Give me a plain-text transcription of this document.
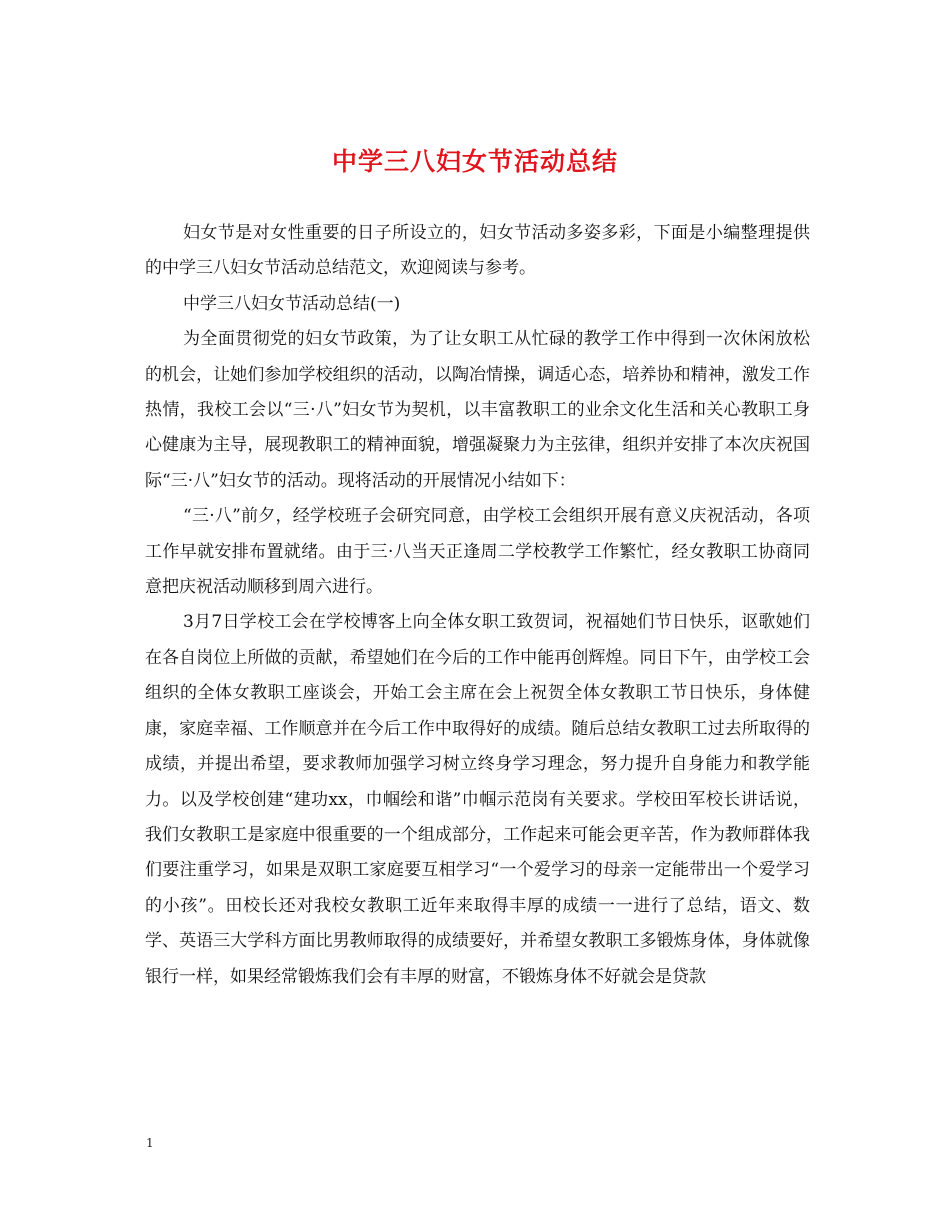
中学三八妇女节活动总结

妇女节是对女性重要的日子所设立的，妇女节活动多姿多彩，下面是小编整理提供的中学三八妇女节活动总结范文，欢迎阅读与参考。

中学三八妇女节活动总结(一)

为全面贯彻党的妇女节政策，为了让女职工从忙碌的教学工作中得到一次休闲放松的机会，让她们参加学校组织的活动，以陶冶情操，调适心态，培养协和精神，激发工作热情，我校工会以“三·八”妇女节为契机，以丰富教职工的业余文化生活和关心教职工身心健康为主导，展现教职工的精神面貌，增强凝聚力为主弦律，组织并安排了本次庆祝国际“三·八”妇女节的活动。现将活动的开展情况小结如下：

“三·八”前夕，经学校班子会研究同意，由学校工会组织开展有意义庆祝活动，各项工作早就安排布置就绪。由于三·八当天正逢周二学校教学工作繁忙，经女教职工协商同意把庆祝活动顺移到周六进行。

3月7日学校工会在学校博客上向全体女职工致贺词，祝福她们节日快乐，讴歌她们在各自岗位上所做的贡献，希望她们在今后的工作中能再创辉煌。同日下午，由学校工会组织的全体女教职工座谈会，开始工会主席在会上祝贺全体女教职工节日快乐，身体健康，家庭幸福、工作顺意并在今后工作中取得好的成绩。随后总结女教职工过去所取得的成绩，并提出希望，要求教师加强学习树立终身学习理念，努力提升自身能力和教学能力。以及学校创建“建功xx，巾帼绘和谐”巾帼示范岗有关要求。学校田军校长讲话说，我们女教职工是家庭中很重要的一个组成部分，工作起来可能会更辛苦，作为教师群体我们要注重学习，如果是双职工家庭要互相学习“一个爱学习的母亲一定能带出一个爱学习的小孩”。田校长还对我校女教职工近年来取得丰厚的成绩一一进行了总结，语文、数学、英语三大学科方面比男教师取得的成绩要好，并希望女教职工多锻炼身体，身体就像银行一样，如果经常锻炼我们会有丰厚的财富，不锻炼身体不好就会是贷款

1
